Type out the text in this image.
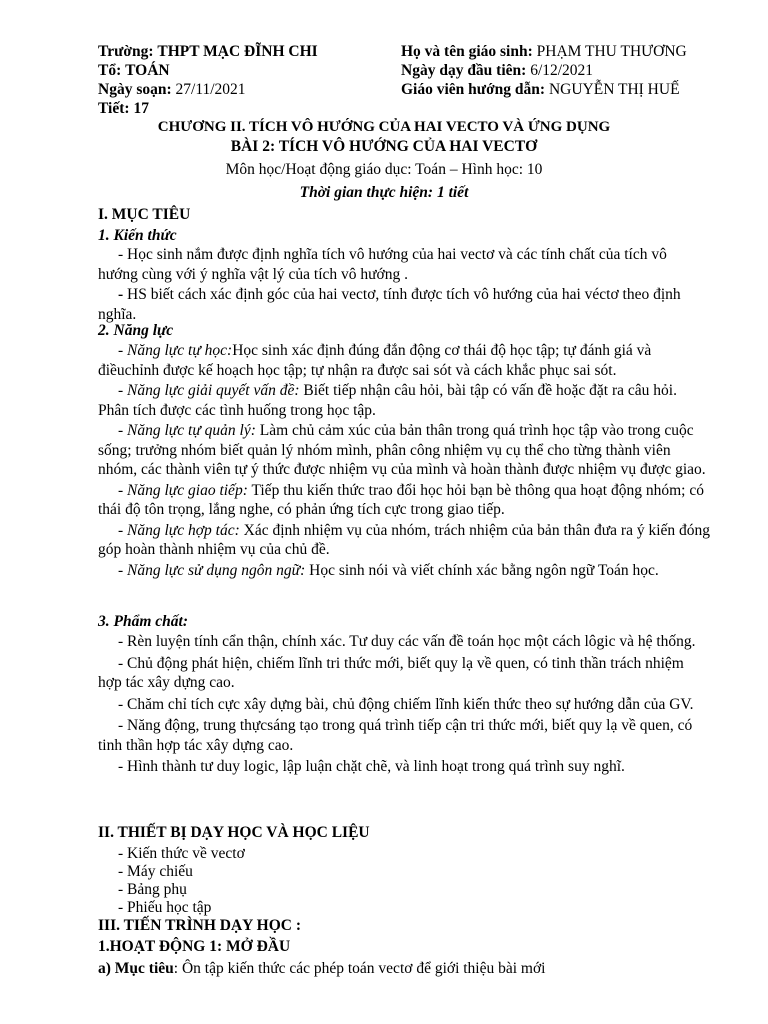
Trường: THPT MẠC ĐĨNH CHI
Tổ: TOÁN
Ngày soạn: 27/11/2021
Tiết: 17
Họ và tên giáo sinh: PHẠM THU THƯƠNG
Ngày dạy đầu tiên: 6/12/2021
Giáo viên hướng dẫn: NGUYỄN THỊ HUẾ
CHƯƠNG II. TÍCH VÔ HƯỚNG CỦA HAI VECTO VÀ ỨNG DỤNG
BÀI 2: TÍCH VÔ HƯỚNG CỦA HAI VECTƠ
Môn học/Hoạt động giáo dục: Toán – Hình học: 10
Thời gian thực hiện: 1 tiết
I. MỤC TIÊU
1. Kiến thức

- Học sinh nắm được định nghĩa tích vô hướng của hai vectơ và các tính chất của tích vô hướng cùng với ý nghĩa vật lý của tích vô hướng .

- HS biết cách xác định góc của hai vectơ, tính được tích vô hướng của hai véctơ theo định nghĩa.

2. Năng lực

- Năng lực tự học:Học sinh xác định đúng đắn động cơ thái độ học tập; tự đánh giá và điềuchỉnh được kế hoạch học tập; tự nhận ra được sai sót và cách khắc phục sai sót.

- Năng lực giải quyết vấn đề: Biết tiếp nhận câu hỏi, bài tập có vấn đề hoặc đặt ra câu hỏi. Phân tích được các tình huống trong học tập.

- Năng lực tự quản lý: Làm chủ cảm xúc của bản thân trong quá trình học tập vào trong cuộc sống; trưởng nhóm biết quản lý nhóm mình, phân công nhiệm vụ cụ thể cho từng thành viên nhóm, các thành viên tự ý thức được nhiệm vụ của mình và hoàn thành được nhiệm vụ được giao.

- Năng lực giao tiếp: Tiếp thu kiến thức trao đổi học hỏi bạn bè thông qua hoạt động nhóm; có thái độ tôn trọng, lắng nghe, có phản ứng tích cực trong giao tiếp.

- Năng lực hợp tác: Xác định nhiệm vụ của nhóm, trách nhiệm của bản thân đưa ra ý kiến đóng góp hoàn thành nhiệm vụ của chủ đề.

- Năng lực sử dụng ngôn ngữ: Học sinh nói và viết chính xác bằng ngôn ngữ Toán học.

3. Phẩm chất:

- Rèn luyện tính cẩn thận, chính xác. Tư duy các vấn đề toán học một cách lôgic và hệ thống.

- Chủ động phát hiện, chiếm lĩnh tri thức mới, biết quy lạ về quen, có tinh thần trách nhiệm hợp tác xây dựng cao.

- Chăm chỉ tích cực xây dựng bài, chủ động chiếm lĩnh kiến thức theo sự hướng dẫn của GV.

- Năng động, trung thựcsáng tạo trong quá trình tiếp cận tri thức mới, biết quy lạ về quen, có tinh thần hợp tác xây dựng cao.

- Hình thành tư duy logic, lập luận chặt chẽ, và linh hoạt trong quá trình suy nghĩ.

II. THIẾT BỊ DẠY HỌC VÀ HỌC LIỆU
- Kiến thức về vectơ
- Máy chiếu
- Bảng phụ
- Phiếu học tập
III. TIẾN TRÌNH DẠY HỌC :
1.HOẠT ĐỘNG 1: MỞ ĐẦU
a) Mục tiêu: Ôn tập kiến thức các phép toán vectơ để giới thiệu bài mới
